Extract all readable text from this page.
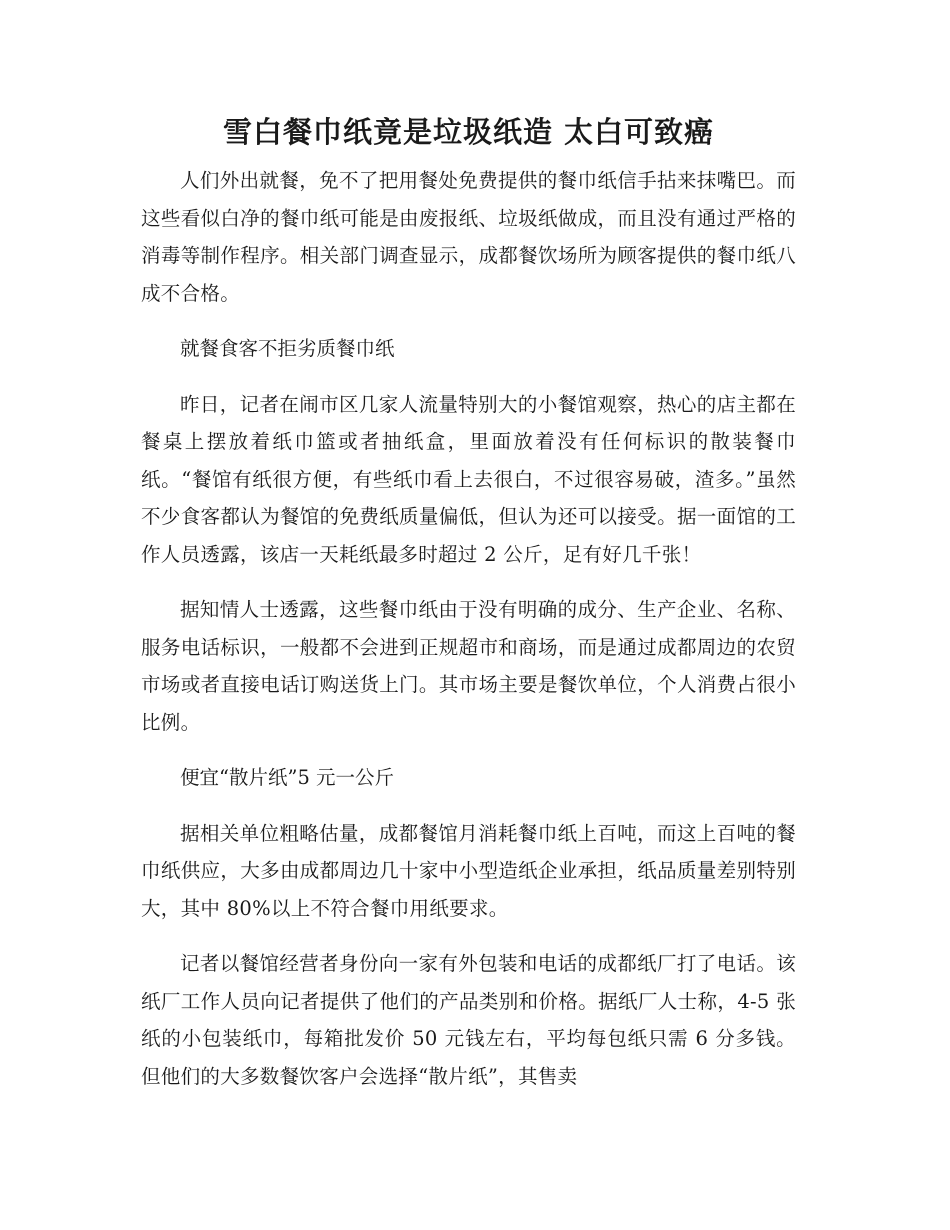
雪白餐巾纸竟是垃圾纸造 太白可致癌

人们外出就餐，免不了把用餐处免费提供的餐巾纸信手拈来抹嘴巴。而这些看似白净的餐巾纸可能是由废报纸、垃圾纸做成，而且没有通过严格的消毒等制作程序。相关部门调查显示，成都餐饮场所为顾客提供的餐巾纸八成不合格。

就餐食客不拒劣质餐巾纸

昨日，记者在闹市区几家人流量特别大的小餐馆观察，热心的店主都在餐桌上摆放着纸巾篮或者抽纸盒，里面放着没有任何标识的散装餐巾纸。“餐馆有纸很方便，有些纸巾看上去很白，不过很容易破，渣多。”虽然不少食客都认为餐馆的免费纸质量偏低，但认为还可以接受。据一面馆的工作人员透露，该店一天耗纸最多时超过 2 公斤，足有好几千张！

据知情人士透露，这些餐巾纸由于没有明确的成分、生产企业、名称、服务电话标识，一般都不会进到正规超市和商场，而是通过成都周边的农贸市场或者直接电话订购送货上门。其市场主要是餐饮单位，个人消费占很小比例。

便宜“散片纸”5 元一公斤

据相关单位粗略估量，成都餐馆月消耗餐巾纸上百吨，而这上百吨的餐巾纸供应，大多由成都周边几十家中小型造纸企业承担，纸品质量差别特别大，其中 80%以上不符合餐巾用纸要求。

记者以餐馆经营者身份向一家有外包装和电话的成都纸厂打了电话。该纸厂工作人员向记者提供了他们的产品类别和价格。据纸厂人士称，4-5 张纸的小包装纸巾，每箱批发价 50 元钱左右，平均每包纸只需 6 分多钱。但他们的大多数餐饮客户会选择“散片纸”，其售卖
